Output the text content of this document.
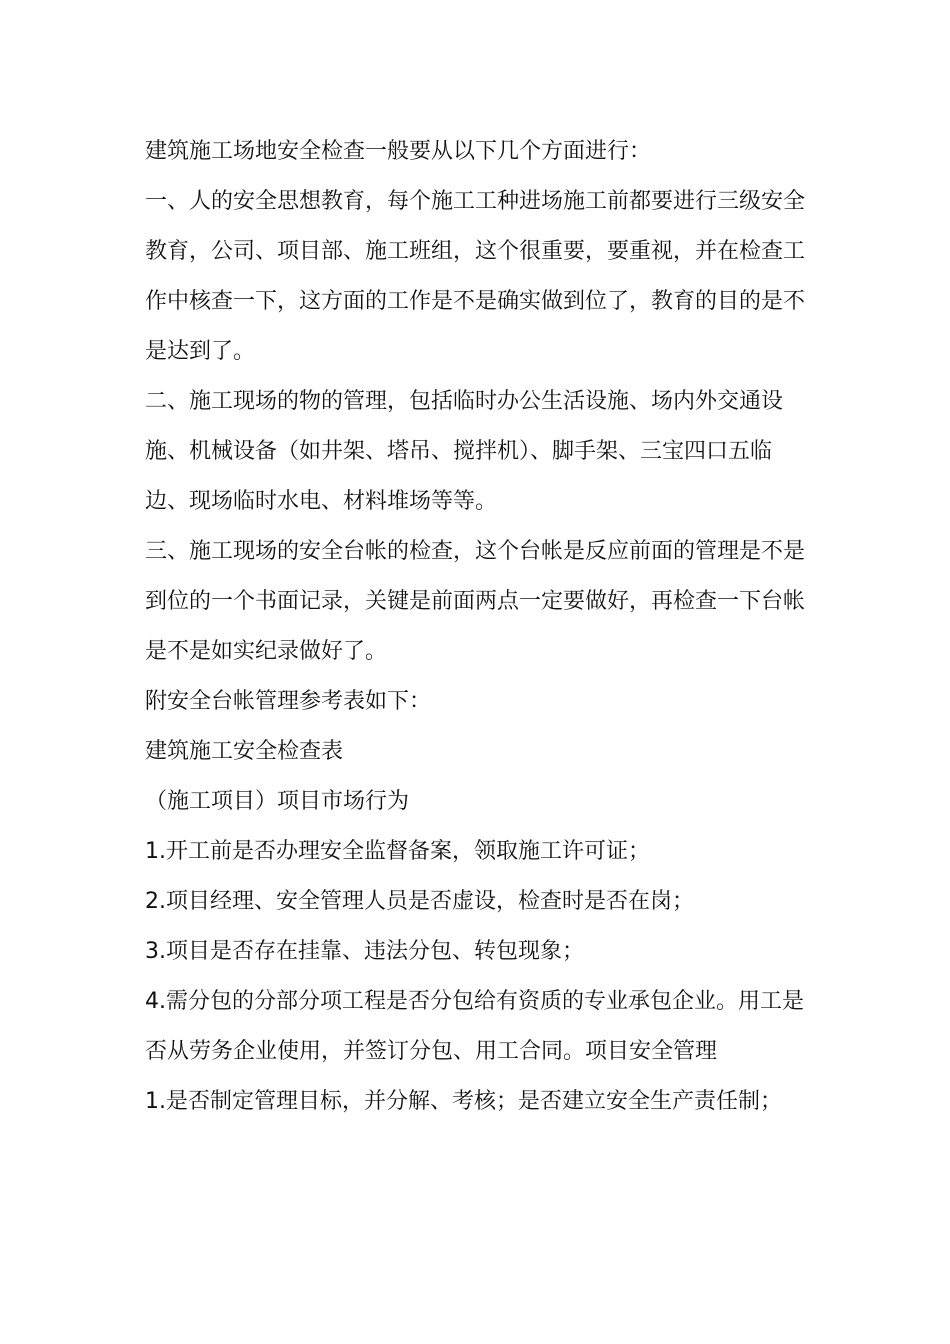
建筑施工场地安全检查一般要从以下几个方面进行：

一、人的安全思想教育，每个施工工种进场施工前都要进行三级安全教育，公司、项目部、施工班组，这个很重要，要重视，并在检查工作中核查一下，这方面的工作是不是确实做到位了，教育的目的是不是达到了。

二、施工现场的物的管理，包括临时办公生活设施、场内外交通设施、机械设备（如井架、塔吊、搅拌机）、脚手架、三宝四口五临边、现场临时水电、材料堆场等等。

三、施工现场的安全台帐的检查，这个台帐是反应前面的管理是不是到位的一个书面记录，关键是前面两点一定要做好，再检查一下台帐是不是如实纪录做好了。

附安全台帐管理参考表如下：

建筑施工安全检查表

（施工项目）项目市场行为

1.开工前是否办理安全监督备案，领取施工许可证；

2.项目经理、安全管理人员是否虚设，检查时是否在岗；

3.项目是否存在挂靠、违法分包、转包现象；

4.需分包的分部分项工程是否分包给有资质的专业承包企业。用工是否从劳务企业使用，并签订分包、用工合同。项目安全管理

1.是否制定管理目标，并分解、考核；是否建立安全生产责任制；
